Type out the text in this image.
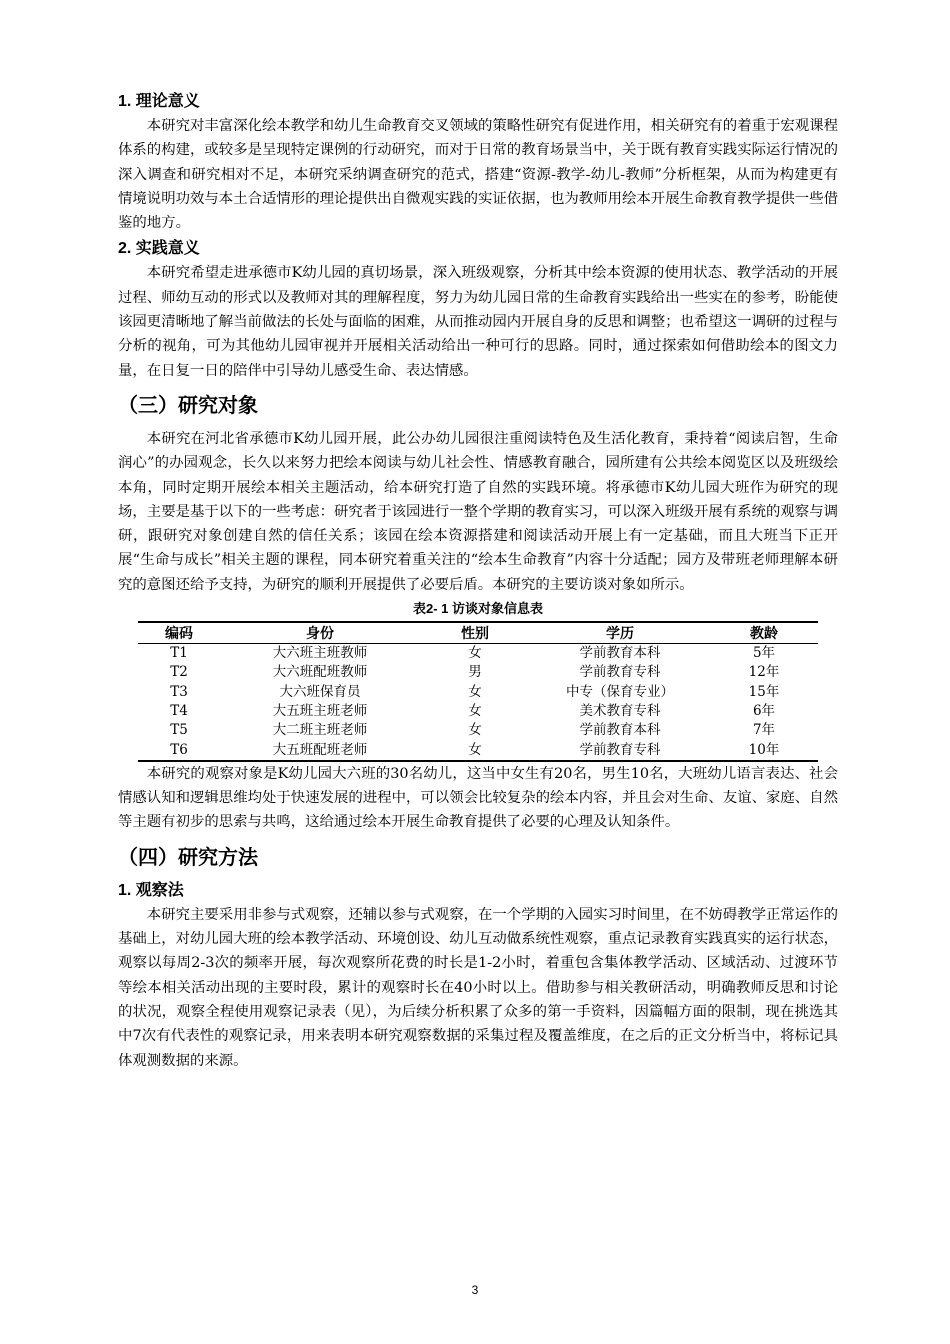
1. 理论意义

本研究对丰富深化绘本教学和幼儿生命教育交叉领域的策略性研究有促进作用，相关研究有的着重于宏观课程体系的构建，或较多是呈现特定课例的行动研究，而对于日常的教育场景当中，关于既有教育实践实际运行情况的深入调查和研究相对不足，本研究采纳调查研究的范式，搭建“资源-教学-幼儿-教师”分析框架，从而为构建更有情境说明功效与本土合适情形的理论提供出自微观实践的实证依据，也为教师用绘本开展生命教育教学提供一些借鉴的地方。

2. 实践意义

本研究希望走进承德市K幼儿园的真切场景，深入班级观察，分析其中绘本资源的使用状态、教学活动的开展过程、师幼互动的形式以及教师对其的理解程度，努力为幼儿园日常的生命教育实践给出一些实在的参考，盼能使该园更清晰地了解当前做法的长处与面临的困难，从而推动园内开展自身的反思和调整；也希望这一调研的过程与分析的视角，可为其他幼儿园审视并开展相关活动给出一种可行的思路。同时，通过探索如何借助绘本的图文力量，在日复一日的陪伴中引导幼儿感受生命、表达情感。

（三）研究对象

本研究在河北省承德市K幼儿园开展，此公办幼儿园很注重阅读特色及生活化教育，秉持着“阅读启智，生命润心”的办园观念，长久以来努力把绘本阅读与幼儿社会性、情感教育融合，园所建有公共绘本阅览区以及班级绘本角，同时定期开展绘本相关主题活动，给本研究打造了自然的实践环境。将承德市K幼儿园大班作为研究的现场，主要是基于以下的一些考虑：研究者于该园进行一整个学期的教育实习，可以深入班级开展有系统的观察与调研，跟研究对象创建自然的信任关系；该园在绘本资源搭建和阅读活动开展上有一定基础，而且大班当下正开展“生命与成长”相关主题的课程，同本研究着重关注的“绘本生命教育”内容十分适配；园方及带班老师理解本研究的意图还给予支持，为研究的顺利开展提供了必要后盾。本研究的主要访谈对象如所示。

表2- 1 访谈对象信息表
编码	身份	性别	学历	教龄
T1	大六班主班教师	女	学前教育本科	5年
T2	大六班配班教师	男	学前教育专科	12年
T3	大六班保育员	女	中专（保育专业）	15年
T4	大五班主班老师	女	美术教育专科	6年
T5	大二班主班老师	女	学前教育本科	7年
T6	大五班配班老师	女	学前教育专科	10年

本研究的观察对象是K幼儿园大六班的30名幼儿，这当中女生有20名，男生10名，大班幼儿语言表达、社会情感认知和逻辑思维均处于快速发展的进程中，可以领会比较复杂的绘本内容，并且会对生命、友谊、家庭、自然等主题有初步的思索与共鸣，这给通过绘本开展生命教育提供了必要的心理及认知条件。

（四）研究方法
1. 观察法

本研究主要采用非参与式观察，还辅以参与式观察，在一个学期的入园实习时间里，在不妨碍教学正常运作的基础上，对幼儿园大班的绘本教学活动、环境创设、幼儿互动做系统性观察，重点记录教育实践真实的运行状态，观察以每周2-3次的频率开展，每次观察所花费的时长是1-2小时，着重包含集体教学活动、区域活动、过渡环节等绘本相关活动出现的主要时段，累计的观察时长在40小时以上。借助参与相关教研活动，明确教师反思和讨论的状况，观察全程使用观察记录表（见），为后续分析积累了众多的第一手资料，因篇幅方面的限制，现在挑选其中7次有代表性的观察记录，用来表明本研究观察数据的采集过程及覆盖维度，在之后的正文分析当中，将标记具体观测数据的来源。

3
